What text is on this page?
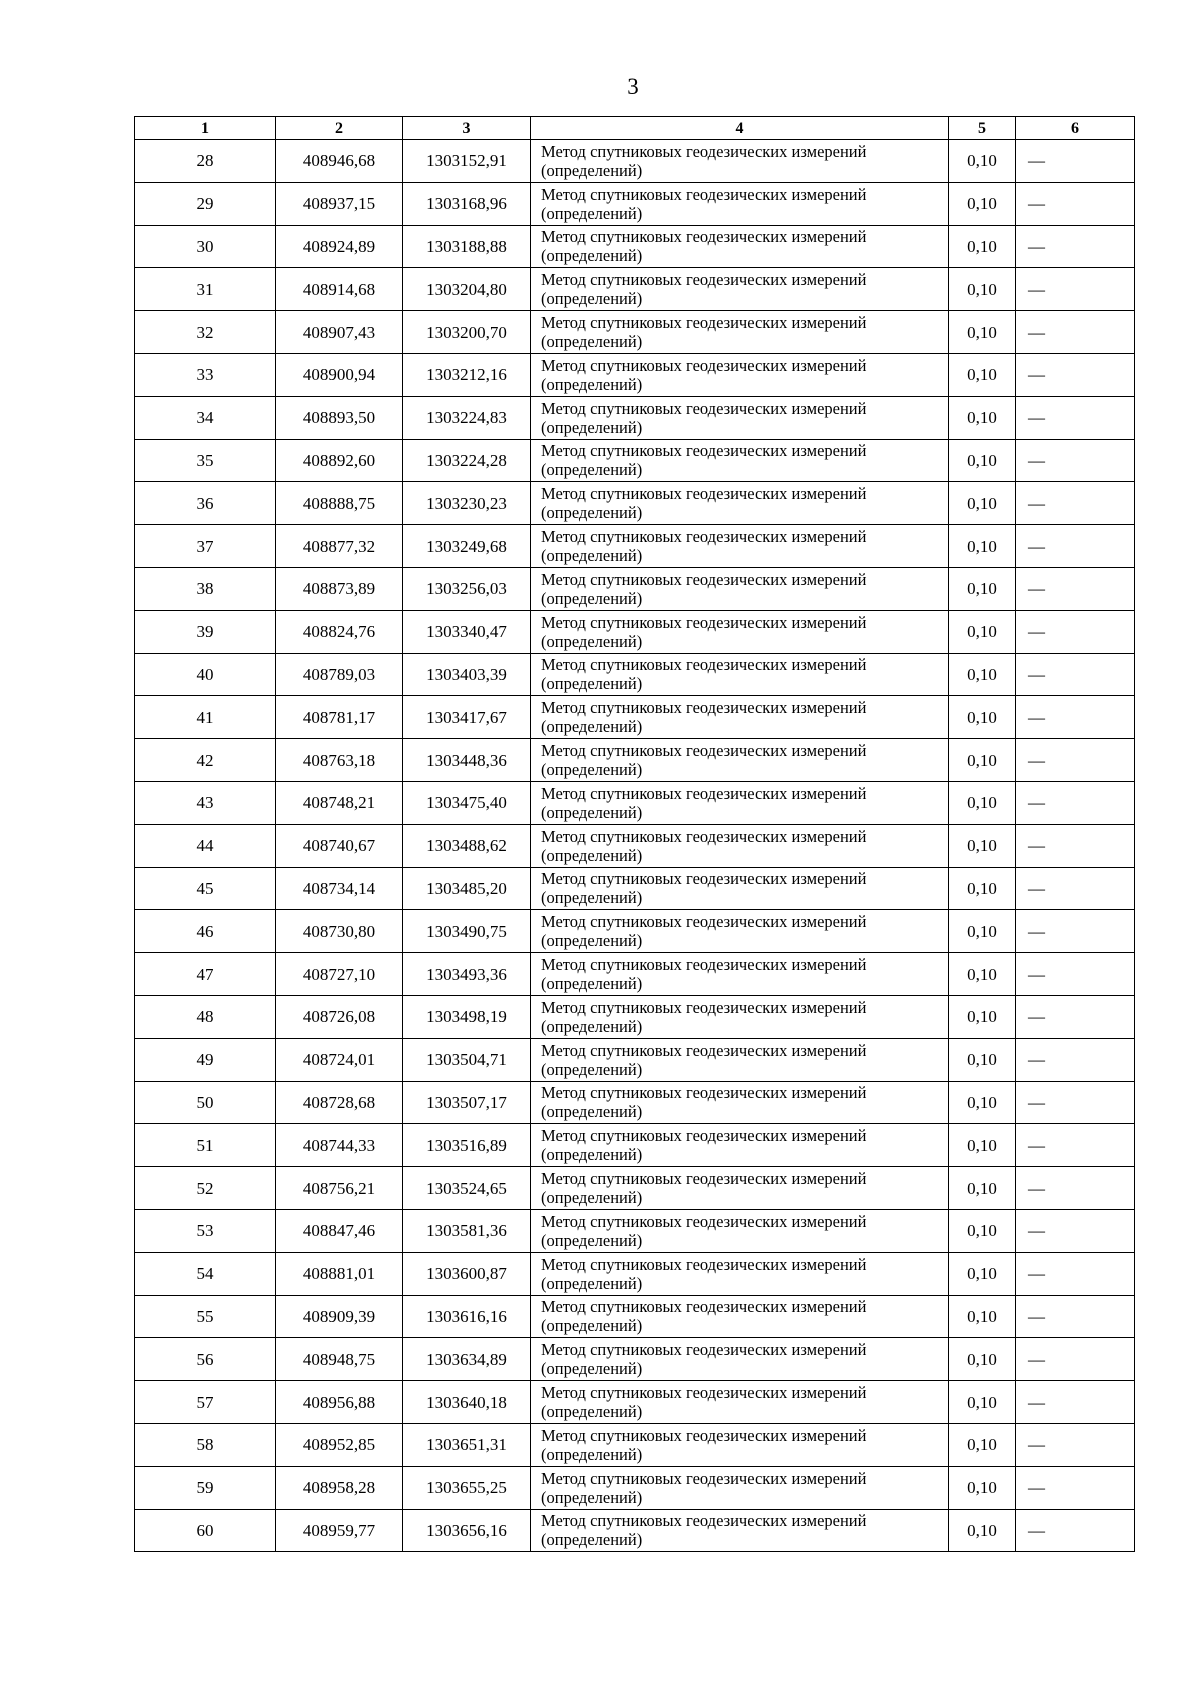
3
1	2	3	4	5	6
28	408946,68	1303152,91	Метод спутниковых геодезических измерений
(определений)	0,10	—
29	408937,15	1303168,96	Метод спутниковых геодезических измерений
(определений)	0,10	—
30	408924,89	1303188,88	Метод спутниковых геодезических измерений
(определений)	0,10	—
31	408914,68	1303204,80	Метод спутниковых геодезических измерений
(определений)	0,10	—
32	408907,43	1303200,70	Метод спутниковых геодезических измерений
(определений)	0,10	—
33	408900,94	1303212,16	Метод спутниковых геодезических измерений
(определений)	0,10	—
34	408893,50	1303224,83	Метод спутниковых геодезических измерений
(определений)	0,10	—
35	408892,60	1303224,28	Метод спутниковых геодезических измерений
(определений)	0,10	—
36	408888,75	1303230,23	Метод спутниковых геодезических измерений
(определений)	0,10	—
37	408877,32	1303249,68	Метод спутниковых геодезических измерений
(определений)	0,10	—
38	408873,89	1303256,03	Метод спутниковых геодезических измерений
(определений)	0,10	—
39	408824,76	1303340,47	Метод спутниковых геодезических измерений
(определений)	0,10	—
40	408789,03	1303403,39	Метод спутниковых геодезических измерений
(определений)	0,10	—
41	408781,17	1303417,67	Метод спутниковых геодезических измерений
(определений)	0,10	—
42	408763,18	1303448,36	Метод спутниковых геодезических измерений
(определений)	0,10	—
43	408748,21	1303475,40	Метод спутниковых геодезических измерений
(определений)	0,10	—
44	408740,67	1303488,62	Метод спутниковых геодезических измерений
(определений)	0,10	—
45	408734,14	1303485,20	Метод спутниковых геодезических измерений
(определений)	0,10	—
46	408730,80	1303490,75	Метод спутниковых геодезических измерений
(определений)	0,10	—
47	408727,10	1303493,36	Метод спутниковых геодезических измерений
(определений)	0,10	—
48	408726,08	1303498,19	Метод спутниковых геодезических измерений
(определений)	0,10	—
49	408724,01	1303504,71	Метод спутниковых геодезических измерений
(определений)	0,10	—
50	408728,68	1303507,17	Метод спутниковых геодезических измерений
(определений)	0,10	—
51	408744,33	1303516,89	Метод спутниковых геодезических измерений
(определений)	0,10	—
52	408756,21	1303524,65	Метод спутниковых геодезических измерений
(определений)	0,10	—
53	408847,46	1303581,36	Метод спутниковых геодезических измерений
(определений)	0,10	—
54	408881,01	1303600,87	Метод спутниковых геодезических измерений
(определений)	0,10	—
55	408909,39	1303616,16	Метод спутниковых геодезических измерений
(определений)	0,10	—
56	408948,75	1303634,89	Метод спутниковых геодезических измерений
(определений)	0,10	—
57	408956,88	1303640,18	Метод спутниковых геодезических измерений
(определений)	0,10	—
58	408952,85	1303651,31	Метод спутниковых геодезических измерений
(определений)	0,10	—
59	408958,28	1303655,25	Метод спутниковых геодезических измерений
(определений)	0,10	—
60	408959,77	1303656,16	Метод спутниковых геодезических измерений
(определений)	0,10	—
